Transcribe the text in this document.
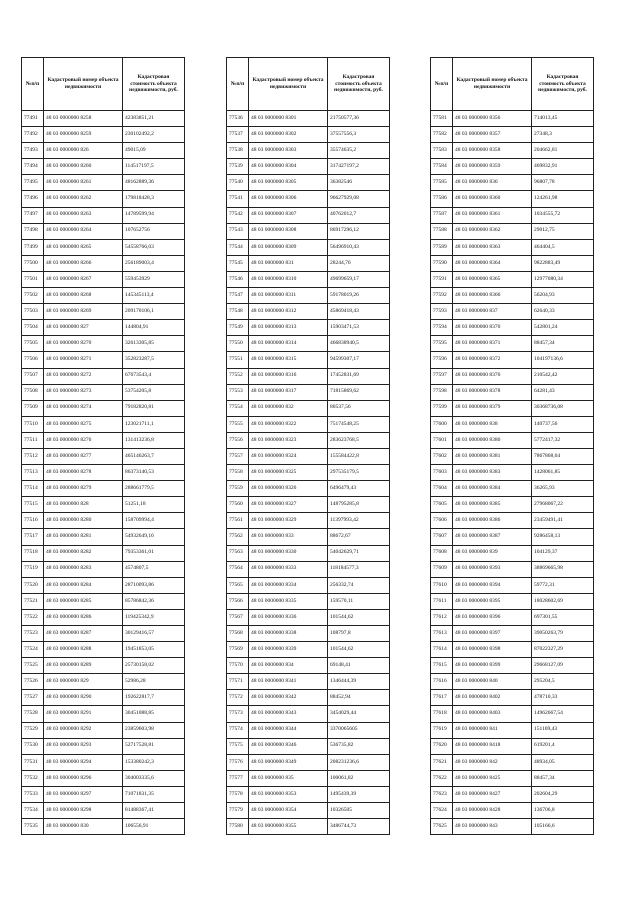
№п/п	Кадастровый номер объекта недвижимости	Кадастровая стоимость объекта недвижимости, руб.
77491	48 03 0000000 8258	42383851,21
77492	48 03 0000000 8259	230102492,2
77493	48 03 0000000 826	49015,09
77494	48 03 0000000 8260	114517197,5
77495	48 03 0000000 8261	48162889,36
77496	48 03 0000000 8262	179818428,3
77497	48 03 0000000 8263	14789599,94
77498	48 03 0000000 8264	107652756
77499	48 03 0000000 8265	54558766,03
77500	48 03 0000000 8266	256189003,4
77501	48 03 0000000 8267	559453929
77502	48 03 0000000 8268	145345113,4
77503	48 03 0000000 8269	209170106,1
77504	48 03 0000000 827	144804,91
77505	48 03 0000000 8270	32613305,85
77506	48 03 0000000 8271	352823287,5
77507	48 03 0000000 8272	67673543,4
77508	48 03 0000000 8273	53754205,8
77509	48 03 0000000 8274	79182820,81
77510	48 03 0000000 8275	123021711,1
77511	48 03 0000000 8276	131413236,8
77512	48 03 0000000 8277	465146263,7
77513	48 03 0000000 8278	86373140,53
77514	48 03 0000000 8279	288661779,5
77515	48 03 0000000 828	51251,18
77516	48 03 0000000 8280	158709994,4
77517	48 03 0000000 8281	54932649,16
77518	48 03 0000000 8282	79353361,01
77519	48 03 0000000 8283	4574807,5
77520	48 03 0000000 8284	28710093,86
77521	48 03 0000000 8285	85786842,36
77522	48 03 0000000 8286	119425342,9
77523	48 03 0000000 8287	30129416,57
77524	48 03 0000000 8288	19451853,05
77525	48 03 0000000 8289	25730158,02
77526	48 03 0000000 829	52986,28
77527	48 03 0000000 8290	192622817,7
77528	48 03 0000000 8291	30451088,85
77529	48 03 0000000 8292	23859603,98
77530	48 03 0000000 8293	52717528,81
77531	48 03 0000000 8294	153380242,3
77532	48 03 0000000 8296	304003335,6
77533	48 03 0000000 8297	71071831,35
77534	48 03 0000000 8298	81488367,41
77535	48 03 0000000 830	106556,91
№п/п	Кадастровый номер объекта недвижимости	Кадастровая стоимость объекта недвижимости, руб.
77536	48 03 0000000 8301	21750577,36
77537	48 03 0000000 8302	37557556,3
77538	48 03 0000000 8303	35574635,2
77539	48 03 0000000 8304	317427197,2
77540	48 03 0000000 8305	36382546
77541	48 03 0000000 8306	96627929,08
77542	48 03 0000000 8307	40762012,7
77543	48 03 0000000 8308	86917296,12
77544	48 03 0000000 8309	56496910,43
77545	48 03 0000000 831	28244,76
77546	48 03 0000000 8310	49699659,17
77547	48 03 0000000 8311	59178019,26
77548	48 03 0000000 8312	45869418,43
77549	48 03 0000000 8313	15903471,53
77550	48 03 0000000 8314	466838940,5
77551	48 03 0000000 8315	94599307,17
77552	48 03 0000000 8316	17452831,69
77553	48 03 0000000 8317	71815869,62
77554	48 03 0000000 832	80537,56
77555	48 03 0000000 8322	75174548,25
77556	48 03 0000000 8323	283623768,5
77557	48 03 0000000 8324	155584422,8
77558	48 03 0000000 8325	297535179,5
77559	48 03 0000000 8326	6496479,43
77560	48 03 0000000 8327	148795285,8
77561	48 03 0000000 8329	11397993,42
77562	48 03 0000000 833	88672,67
77563	48 03 0000000 8330	54042629,71
77564	48 03 0000000 8333	118184577,3
77565	48 03 0000000 8334	256332,74
77566	48 03 0000000 8335	159570,11
77567	48 03 0000000 8336	101544,62
77568	48 03 0000000 8338	108797,8
77569	48 03 0000000 8339	101544,62
77570	48 03 0000000 834	69148,41
77571	48 03 0000000 8341	1346444,39
77572	48 03 0000000 8342	88452,94
77573	48 03 0000000 8343	3454029,44
77574	48 03 0000000 8344	3370065605
77575	48 03 0000000 8346	536735,82
77576	48 03 0000000 8349	208231236,6
77577	48 03 0000000 835	100061,82
77578	48 03 0000000 8353	1495439,39
77579	48 03 0000000 8354	10326505
77580	48 03 0000000 8355	3486744,73
№п/п	Кадастровый номер объекта недвижимости	Кадастровая стоимость объекта недвижимости, руб.
77581	48 03 0000000 8356	714013,45
77582	48 03 0000000 8357	27348,3
77583	48 03 0000000 8358	204662,81
77584	48 03 0000000 8359	469832,91
77585	48 03 0000000 836	96807,78
77586	48 03 0000000 8360	124261,98
77587	48 03 0000000 8361	1034555,72
77588	48 03 0000000 8362	29012,75
77589	48 03 0000000 8363	464404,5
77590	48 03 0000000 8364	9822883,49
77591	48 03 0000000 8365	12977080,34
77592	48 03 0000000 8366	56204,93
77593	48 03 0000000 837	62640,33
77594	48 03 0000000 8370	542801,24
77595	48 03 0000000 8371	88457,34
77596	48 03 0000000 8372	104197136,6
77597	48 03 0000000 8376	210542,42
77598	48 03 0000000 8378	64281,43
77599	48 03 0000000 8379	30368736,08
77600	48 03 0000000 838	140737,56
77601	48 03 0000000 8380	5772417,32
77602	48 03 0000000 8381	7867868,04
77603	48 03 0000000 8383	1428061,85
77604	48 03 0000000 8384	36265,93
77605	48 03 0000000 8385	27968067,22
77606	48 03 0000000 8386	23459491,41
77607	48 03 0000000 8387	9286458,13
77608	48 03 0000000 839	104129,37
77609	48 03 0000000 8393	38869665,98
77610	48 03 0000000 8394	59772,31
77611	48 03 0000000 8395	18028602,69
77612	48 03 0000000 8396	697301,55
77613	48 03 0000000 8397	39050263,79
77614	48 03 0000000 8398	87022327,29
77615	48 03 0000000 8399	29668127,09
77616	48 03 0000000 840	295204,5
77617	48 03 0000000 8402	478710,33
77618	48 03 0000000 8403	14962667,54
77619	48 03 0000000 841	151169,43
77620	48 03 0000000 8418	619201,4
77621	48 03 0000000 842	48934,05
77622	48 03 0000000 8425	88457,34
77623	48 03 0000000 8427	202604,29
77624	48 03 0000000 8428	136706,8
77625	48 03 0000000 843	105166,6
